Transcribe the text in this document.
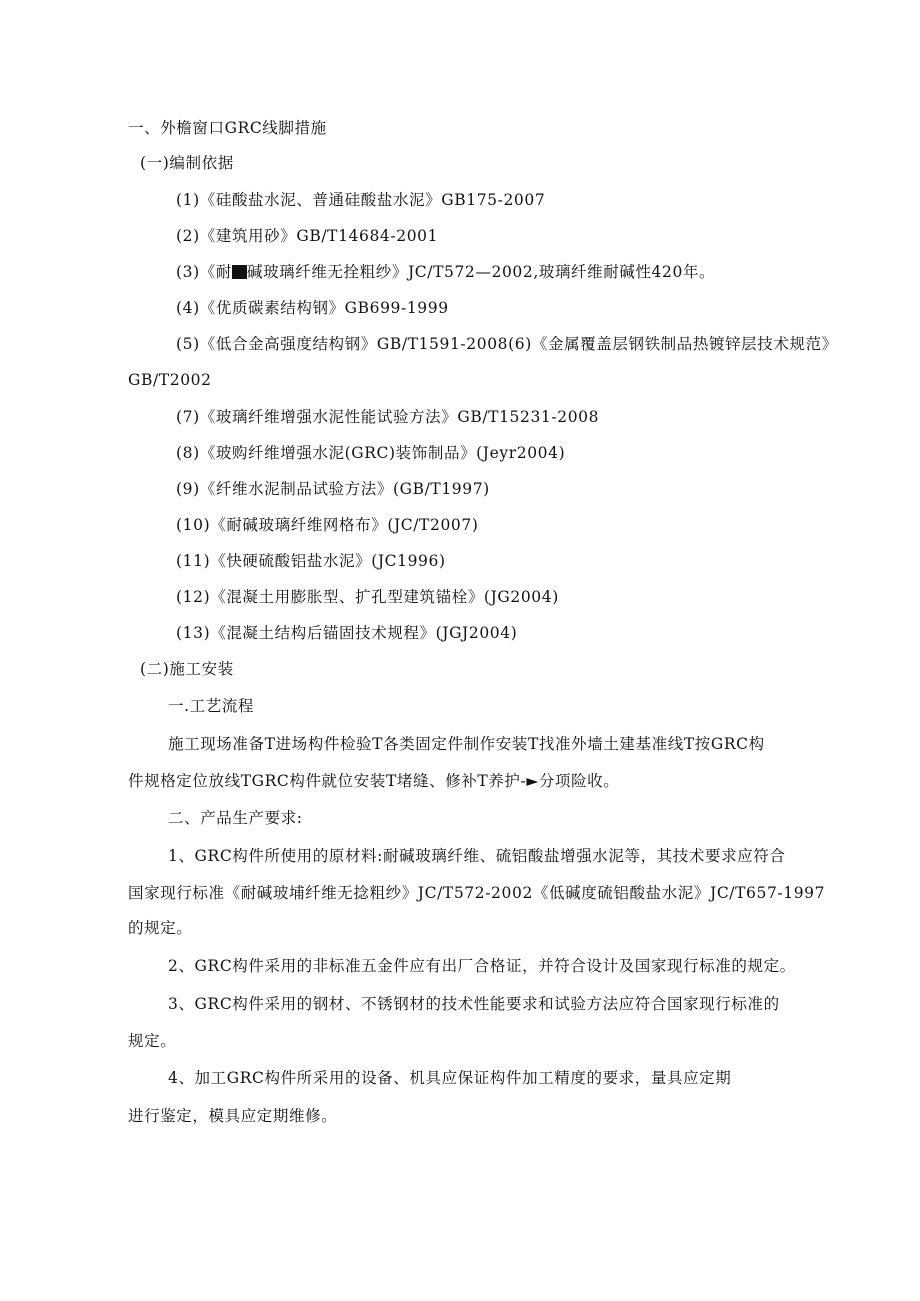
一、外檐窗口GRC线脚措施
(一)编制依据
(1)《硅酸盐水泥、普通硅酸盐水泥》GB175-2007
(2)《建筑用砂》GB/T14684-2001
(3)《耐 碱玻璃纤维无拴粗纱》JC/T572—2002,玻璃纤维耐碱性420年。
(4)《优质碳素结构钢》GB699-1999
(5)《低合金高强度结构钢》GB/T1591-2008(6)《金属覆盖层钢铁制品热镀锌层技术规范》
GB/T2002
(7)《玻璃纤维增强水泥性能试验方法》GB/T15231-2008
(8)《玻购纤维增强水泥(GRC)装饰制品》(Jeyr2004)
(9)《纤维水泥制品试验方法》(GB/T1997)
(10)《耐碱玻璃纤维网格布》(JC/T2007)
(11)《快硬硫酸铝盐水泥》(JC1996)
(12)《混凝土用膨胀型、扩孔型建筑锚栓》(JG2004)
(13)《混凝土结构后锚固技术规程》(JGJ2004)
(二)施工安装
一.工艺流程
施工现场准备T进场构件检验T各类固定件制作安装T找准外墙土建基准线T按GRC构
件规格定位放线TGRC构件就位安装T堵缝、修补T养护-►分项险收。
二、产品生产要求:
1、GRC构件所使用的原材料:耐碱玻璃纤维、硫铝酸盐增强水泥等，其技术要求应符合
国家现行标准《耐碱玻埔纤维无捻粗纱》JC/T572-2002《低碱度硫铝酸盐水泥》JC/T657-1997
的规定。
2、GRC构件采用的非标准五金件应有出厂合格证，并符合设计及国家现行标准的规定。
3、GRC构件采用的钢材、不锈钢材的技术性能要求和试验方法应符合国家现行标准的
规定。
4、加工GRC构件所采用的设备、机具应保证构件加工精度的要求，量具应定期
进行鉴定，模具应定期维修。
